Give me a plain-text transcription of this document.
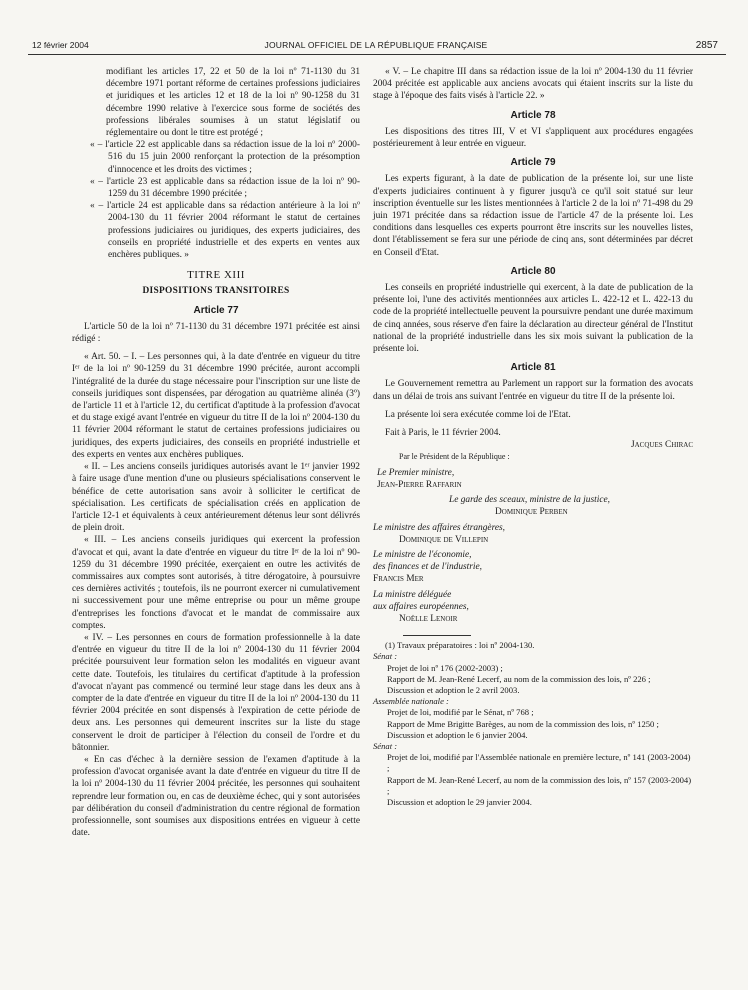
12 février 2004	JOURNAL OFFICIEL DE LA RÉPUBLIQUE FRANÇAISE	2857

modifiant les articles 17, 22 et 50 de la loi nº 71-1130 du 31 décembre 1971 portant réforme de certaines professions judiciaires et juridiques et les articles 12 et 18 de la loi nº 90-1258 du 31 décembre 1990 relative à l'exercice sous forme de sociétés des professions libérales soumises à un statut législatif ou réglementaire ou dont le titre est protégé ;

« – l'article 22 est applicable dans sa rédaction issue de la loi nº 2000-516 du 15 juin 2000 renforçant la protection de la présomption d'innocence et les droits des victimes ;

« – l'article 23 est applicable dans sa rédaction issue de la loi nº 90-1259 du 31 décembre 1990 précitée ;

« – l'article 24 est applicable dans sa rédaction antérieure à la loi nº 2004-130 du 11 février 2004 réformant le statut de certaines professions judiciaires ou juridiques, des experts judiciaires, des conseils en propriété industrielle et des experts en ventes aux enchères publiques. »

TITRE XIII
DISPOSITIONS TRANSITOIRES
Article 77

L'article 50 de la loi nº 71-1130 du 31 décembre 1971 précitée est ainsi rédigé :

« Art. 50. – I. – Les personnes qui, à la date d'entrée en vigueur du titre Iᵉʳ de la loi nº 90-1259 du 31 décembre 1990 précitée, auront accompli l'intégralité de la durée du stage nécessaire pour l'inscription sur une liste de conseils juridiques sont dispensées, par dérogation au quatrième alinéa (3º) de l'article 11 et à l'article 12, du certificat d'aptitude à la profession d'avocat et du stage exigé avant l'entrée en vigueur du titre II de la loi nº 2004-130 du 11 février 2004 réformant le statut de certaines professions judiciaires ou juridiques, des experts judiciaires, des conseils en propriété industrielle et des experts en ventes aux enchères publiques.

« II. – Les anciens conseils juridiques autorisés avant le 1ᵉʳ janvier 1992 à faire usage d'une mention d'une ou plusieurs spécialisations conservent le bénéfice de cette autorisation sans avoir à solliciter le certificat de spécialisation. Les certificats de spécialisation créés en application de l'article 12-1 et équivalents à ceux antérieurement détenus leur sont délivrés de plein droit.

« III. – Les anciens conseils juridiques qui exercent la profession d'avocat et qui, avant la date d'entrée en vigueur du titre Iᵉʳ de la loi nº 90-1259 du 31 décembre 1990 précitée, exerçaient en outre les activités de commissaires aux comptes sont autorisés, à titre dérogatoire, à poursuivre ces dernières activités ; toutefois, ils ne pourront exercer ni cumulativement ni successivement pour une même entreprise ou pour un même groupe d'entreprises les fonctions d'avocat et le mandat de commissaire aux comptes.

« IV. – Les personnes en cours de formation professionnelle à la date d'entrée en vigueur du titre II de la loi nº 2004-130 du 11 février 2004 précitée poursuivent leur formation selon les modalités en vigueur avant cette date. Toutefois, les titulaires du certificat d'aptitude à la profession d'avocat n'ayant pas commencé ou terminé leur stage dans les deux ans à compter de la date d'entrée en vigueur du titre II de la loi nº 2004-130 du 11 février 2004 précitée en sont dispensés à l'expiration de cette période de deux ans. Les personnes qui demeurent inscrites sur la liste du stage conservent le droit de participer à l'élection du conseil de l'ordre et du bâtonnier.

« En cas d'échec à la dernière session de l'examen d'aptitude à la profession d'avocat organisée avant la date d'entrée en vigueur du titre II de la loi nº 2004-130 du 11 février 2004 précitée, les personnes qui souhaitent reprendre leur formation ou, en cas de deuxième échec, qui y sont autorisées par délibération du conseil d'administration du centre régional de formation professionnelle, sont soumises aux dispositions entrées en vigueur à cette date.

« V. – Le chapitre III dans sa rédaction issue de la loi nº 2004-130 du 11 février 2004 précitée est applicable aux anciens avocats qui étaient inscrits sur la liste du stage à l'époque des faits visés à l'article 22. »

Article 78

Les dispositions des titres III, V et VI s'appliquent aux procédures engagées postérieurement à leur entrée en vigueur.

Article 79

Les experts figurant, à la date de publication de la présente loi, sur une liste d'experts judiciaires continuent à y figurer jusqu'à ce qu'il soit statué sur leur inscription éventuelle sur les listes mentionnées à l'article 2 de la loi nº 71-498 du 29 juin 1971 précitée dans sa rédaction issue de l'article 47 de la présente loi. Les conditions dans lesquelles ces experts pourront être inscrits sur les nouvelles listes, dont l'établissement se fera sur une période de cinq ans, sont déterminées par décret en Conseil d'Etat.

Article 80

Les conseils en propriété industrielle qui exercent, à la date de publication de la présente loi, l'une des activités mentionnées aux articles L. 422-12 et L. 422-13 du code de la propriété intellectuelle peuvent la poursuivre pendant une durée maximum de cinq années, sous réserve d'en faire la déclaration au directeur général de l'Institut national de la propriété industrielle dans les six mois suivant la publication de la présente loi.

Article 81

Le Gouvernement remettra au Parlement un rapport sur la formation des avocats dans un délai de trois ans suivant l'entrée en vigueur du titre II de la présente loi.

La présente loi sera exécutée comme loi de l'Etat.

Fait à Paris, le 11 février 2004.

Jacques Chirac

Par le Président de la République :

Le Premier ministre,

Jean-Pierre Raffarin

Le garde des sceaux, ministre de la justice,

Dominique Perben

Le ministre des affaires étrangères,

Dominique de Villepin

Le ministre de l'économie,

des finances et de l'industrie,

Francis Mer

La ministre déléguée

aux affaires européennes,

Noëlle Lenoir

(1) Travaux préparatoires : loi nº 2004-130.

Sénat :

Projet de loi nº 176 (2002-2003) ;

Rapport de M. Jean-René Lecerf, au nom de la commission des lois, nº 226 ;

Discussion et adoption le 2 avril 2003.

Assemblée nationale :

Projet de loi, modifié par le Sénat, nº 768 ;

Rapport de Mme Brigitte Barèges, au nom de la commission des lois, nº 1250 ;

Discussion et adoption le 6 janvier 2004.

Sénat :

Projet de loi, modifié par l'Assemblée nationale en première lecture, nº 141 (2003-2004) ;

Rapport de M. Jean-René Lecerf, au nom de la commission des lois, nº 157 (2003-2004) ;

Discussion et adoption le 29 janvier 2004.
